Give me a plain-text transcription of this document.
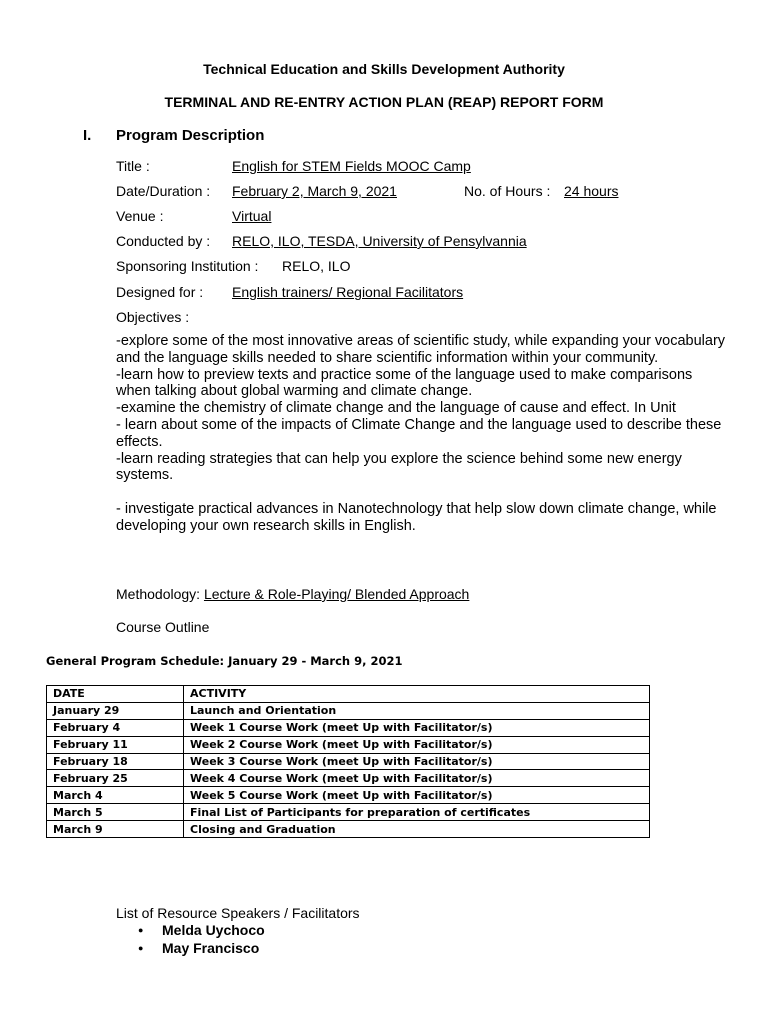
Technical Education and Skills Development Authority
TERMINAL AND RE-ENTRY ACTION PLAN (REAP) REPORT FORM
I. Program Description
Title :	English for STEM Fields MOOC Camp
Date/Duration : February 2, March 9, 2021	No. of Hours : 24 hours
Venue :	Virtual
Conducted by : RELO, ILO, TESDA, University of Pensylvannia
Sponsoring Institution : RELO, ILO
Designed for : English trainers/ Regional Facilitators
Objectives :

-explore some of the most innovative areas of scientific study, while expanding your vocabulary and the language skills needed to share scientific information within your community.

-learn how to preview texts and practice some of the language used to make comparisons when talking about global warming and climate change.

-examine the chemistry of climate change and the language of cause and effect. In Unit

- learn about some of the impacts of Climate Change and the language used to describe these effects.

-learn reading strategies that can help you explore the science behind some new energy systems.

- investigate practical advances in Nanotechnology that help slow down climate change, while developing your own research skills in English.

Methodology: Lecture & Role-Playing/ Blended Approach
Course Outline
General Program Schedule: January 29 - March 9, 2021
DATE	ACTIVITY
January 29	Launch and Orientation
February 4	Week 1 Course Work (meet Up with Facilitator/s)
February 11	Week 2 Course Work (meet Up with Facilitator/s)
February 18	Week 3 Course Work (meet Up with Facilitator/s)
February 25	Week 4 Course Work (meet Up with Facilitator/s)
March 4	Week 5 Course Work (meet Up with Facilitator/s)
March 5	Final List of Participants for preparation of certificates
March 9	Closing and Graduation
List of Resource Speakers / Facilitators
● Melda Uychoco
● May Francisco
